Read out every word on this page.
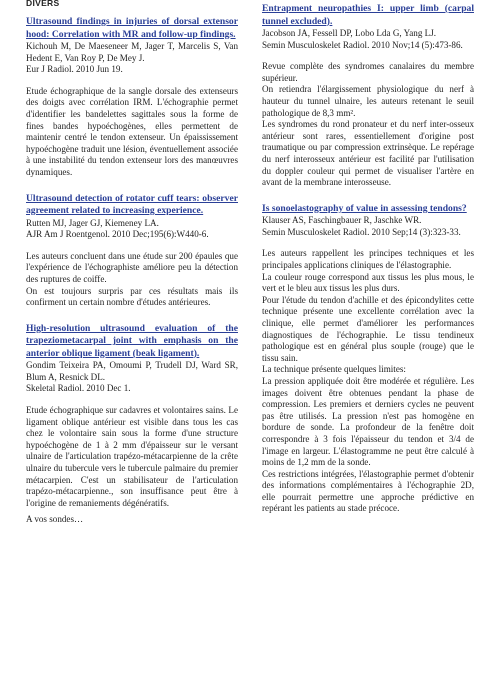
DIVERS

Ultrasound findings in injuries of dorsal extensor hood: Correlation with MR and follow-up findings.

Kichouh M, De Maeseneer M, Jager T, Marcelis S, Van Hedent E, Van Roy P, De Mey J.

Eur J Radiol. 2010 Jun 19.

Etude échographique de la sangle dorsale des extenseurs des doigts avec corrélation IRM. L'échographie permet d'identifier les bandelettes sagittales sous la forme de fines bandes hypoéchogènes, elles permettent de maintenir centré le tendon extenseur. Un épaississement hypoéchogène traduit une lésion, éventuellement associée à une instabilité du tendon extenseur lors des manœuvres dynamiques.

Ultrasound detection of rotator cuff tears: observer agreement related to increasing experience.

Rutten MJ, Jager GJ, Kiemeney LA.

AJR Am J Roentgenol. 2010 Dec;195(6):W440-6.

Les auteurs concluent dans une étude sur 200 épaules que l'expérience de l'échographiste améliore peu la détection des ruptures de coiffe.

On est toujours surpris par ces résultats mais ils confirment un certain nombre d'études antérieures.

High-resolution ultrasound evaluation of the trapeziometacarpal joint with emphasis on the anterior oblique ligament (beak ligament).

Gondim Teixeira PA, Omoumi P, Trudell DJ, Ward SR, Blum A, Resnick DL.

Skeletal Radiol. 2010 Dec 1.

Etude échographique sur cadavres et volontaires sains. Le ligament oblique antérieur est visible dans tous les cas chez le volontaire sain sous la forme d'une structure hypoéchogène de 1 à 2 mm d'épaisseur sur le versant ulnaire de l'articulation trapézo-métacarpienne de la crête ulnaire du tubercule vers le tubercule palmaire du premier métacarpien. C'est un stabilisateur de l'articulation trapézo-métacarpienne., son insuffisance peut être à l'origine de remaniements dégénératifs.

A vos sondes…

Entrapment neuropathies I: upper limb (carpal tunnel excluded).

Jacobson JA, Fessell DP, Lobo Lda G, Yang LJ.

Semin Musculoskelet Radiol. 2010 Nov;14 (5):473-86.

Revue complète des syndromes canalaires du membre supérieur.

On retiendra l'élargissement physiologique du nerf à hauteur du tunnel ulnaire, les auteurs retenant le seuil pathologique de 8,3 mm².

Les syndromes du rond pronateur et du nerf inter-osseux antérieur sont rares, essentiellement d'origine post traumatique ou par compression extrinsèque. Le repérage du nerf interosseux antérieur est facilité par l'utilisation du doppler couleur qui permet de visualiser l'artère en avant de la membrane interosseuse.

Is sonoelastography of value in assessing tendons?

Klauser AS, Faschingbauer R, Jaschke WR.

Semin Musculoskelet Radiol. 2010 Sep;14 (3):323-33.

Les auteurs rappellent les principes techniques et les principales applications cliniques de l'élastographie.

La couleur rouge correspond aux tissus les plus mous, le vert et le bleu aux tissus les plus durs.

Pour l'étude du tendon d'achille et des épicondylites cette technique présente une excellente corrélation avec la clinique, elle permet d'améliorer les performances diagnostiques de l'échographie. Le tissu tendineux pathologique est en général plus souple (rouge) que le tissu sain.

La technique présente quelques limites:

La pression appliquée doit être modérée et régulière. Les images doivent être obtenues pendant la phase de compression. Les premiers et derniers cycles ne peuvent pas être utilisés. La pression n'est pas homogène en bordure de sonde. La profondeur de la fenêtre doit correspondre à 3 fois l'épaisseur du tendon et 3/4 de l'image en largeur. L'élastogramme ne peut être calculé à moins de 1,2 mm de la sonde.

Ces restrictions intégrées, l'élastographie permet d'obtenir des informations complémentaires à l'échographie 2D, elle pourrait permettre une approche prédictive en repérant les patients au stade précoce.
